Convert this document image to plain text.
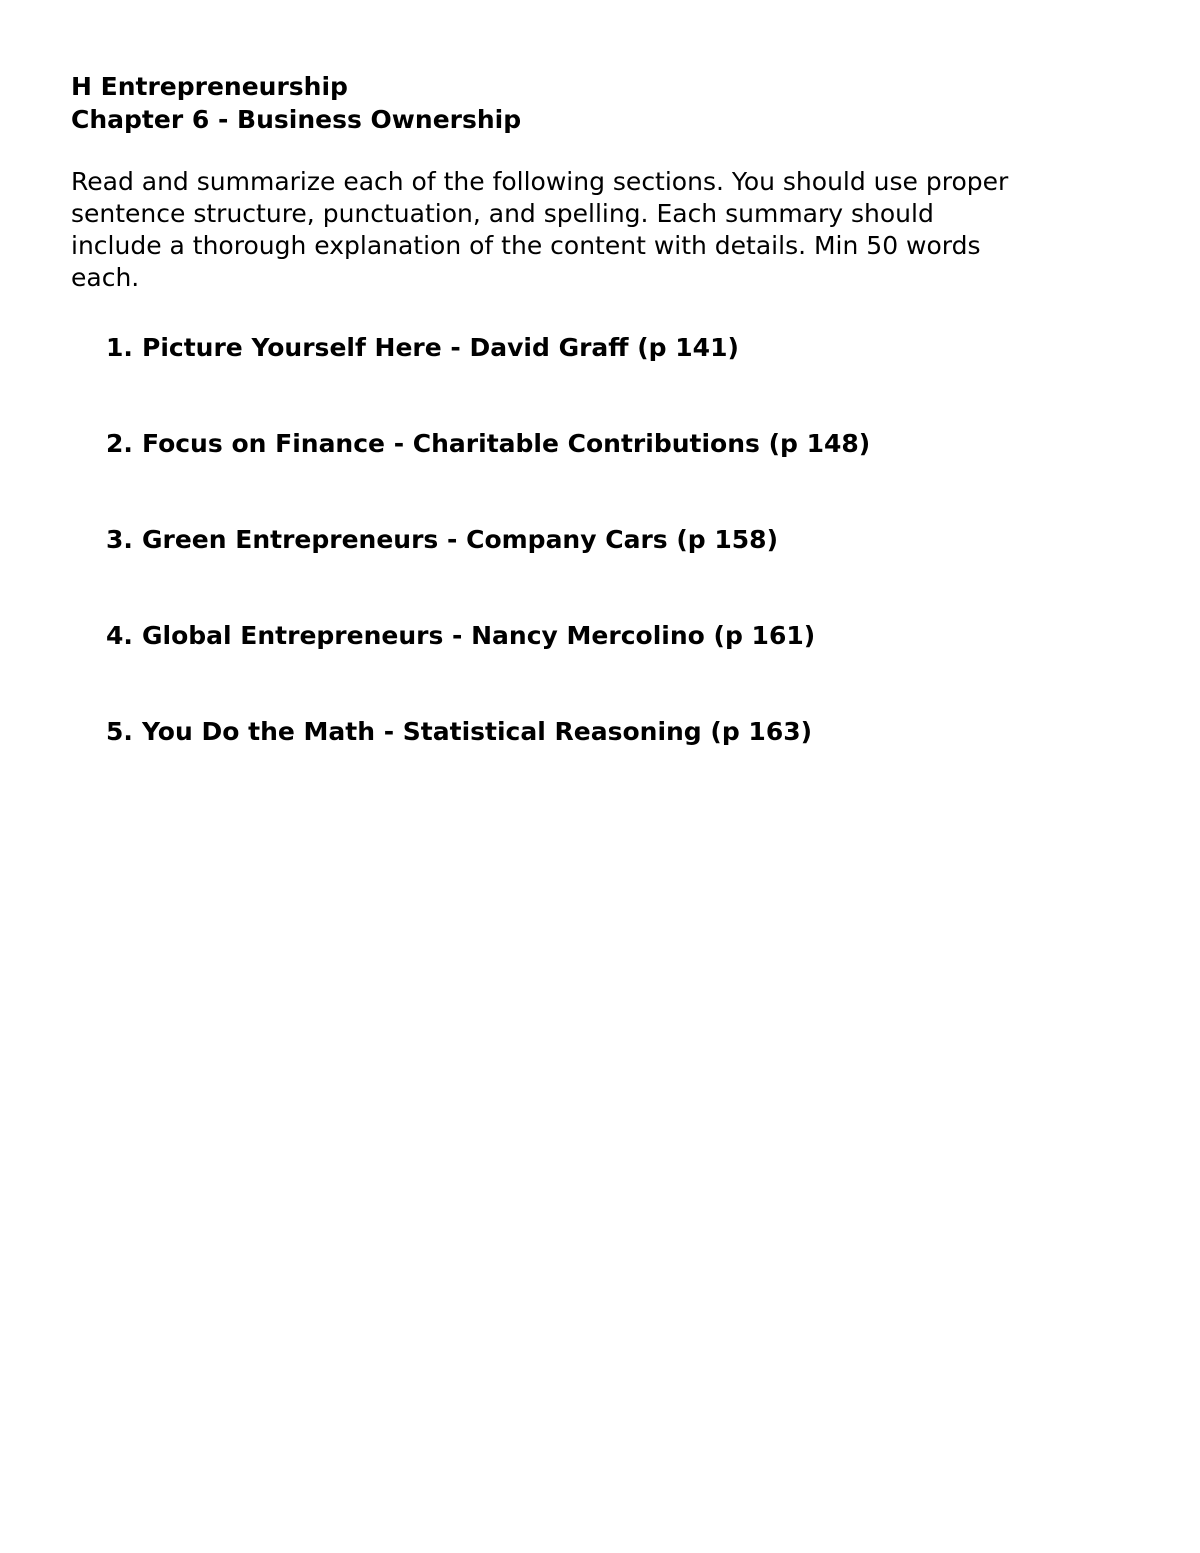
H Entrepreneurship
Chapter 6 - Business Ownership

Read and summarize each of the following sections. You should use proper

sentence structure, punctuation, and spelling. Each summary should

include a thorough explanation of the content with details. Min 50 words

each.

1. Picture Yourself Here - David Graff (p 141)
2. Focus on Finance - Charitable Contributions (p 148)
3. Green Entrepreneurs - Company Cars (p 158)
4. Global Entrepreneurs - Nancy Mercolino (p 161)
5. You Do the Math - Statistical Reasoning (p 163)
